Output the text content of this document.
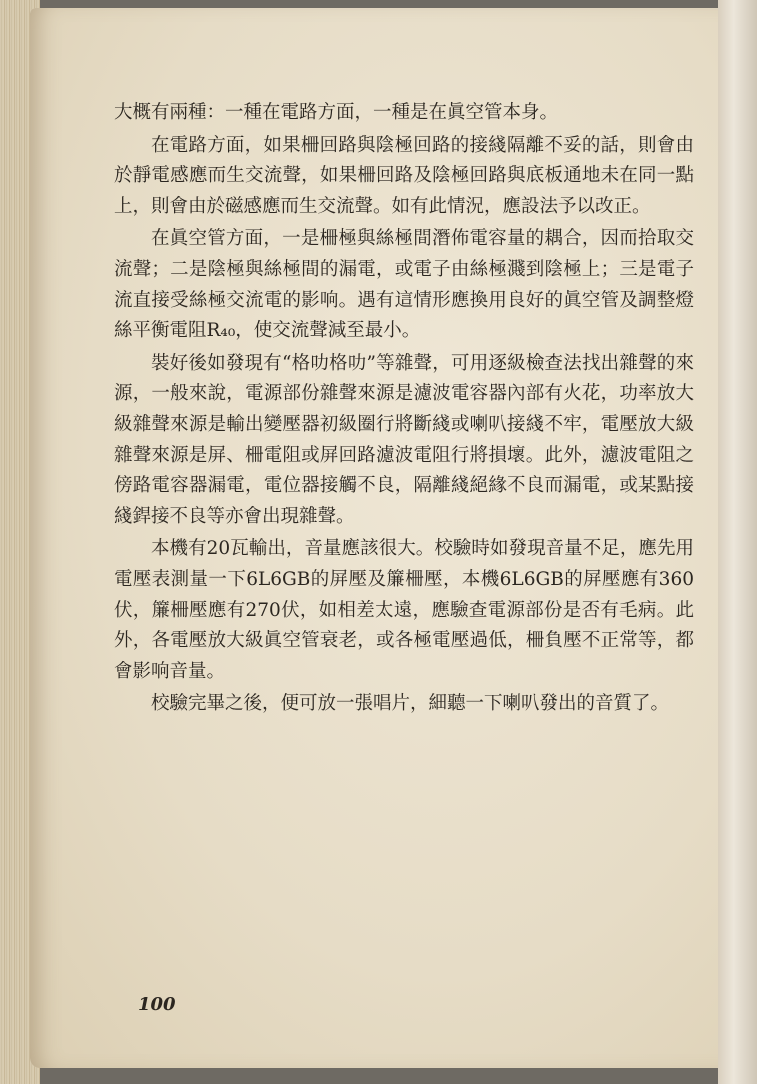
大概有兩種：一種在電路方面，一種是在眞空管本身。
在電路方面，如果柵回路與陰極回路的接綫隔離不妥的話，則會由於靜電感應而生交流聲，如果柵回路及陰極回路與底板通地未在同一點上，則會由於磁感應而生交流聲。如有此情況，應設法予以改正。
在眞空管方面，一是柵極與絲極間潛佈電容量的耦合，因而拾取交流聲；二是陰極與絲極間的漏電，或電子由絲極濺到陰極上；三是電子流直接受絲極交流電的影响。遇有這情形應換用良好的眞空管及調整燈絲平衡電阻R₄₀，使交流聲減至最小。
裝好後如發現有“格叻格叻”等雜聲，可用逐級檢查法找出雜聲的來源，一般來說，電源部份雜聲來源是濾波電容器內部有火花，功率放大級雜聲來源是輸出變壓器初級圈行將斷綫或喇叭接綫不牢，電壓放大級雜聲來源是屏、柵電阻或屏回路濾波電阻行將損壞。此外，濾波電阻之傍路電容器漏電，電位器接觸不良，隔離綫絕緣不良而漏電，或某點接綫銲接不良等亦會出現雜聲。
本機有20瓦輸出，音量應該很大。校驗時如發現音量不足，應先用電壓表測量一下6L6GB的屏壓及簾柵壓，本機6L6GB的屏壓應有360伏，簾柵壓應有270伏，如相差太遠，應驗查電源部份是否有毛病。此外，各電壓放大級眞空管衰老，或各極電壓過低，柵負壓不正常等，都會影响音量。
校驗完畢之後，便可放一張唱片，細聽一下喇叭發出的音質了。
100
